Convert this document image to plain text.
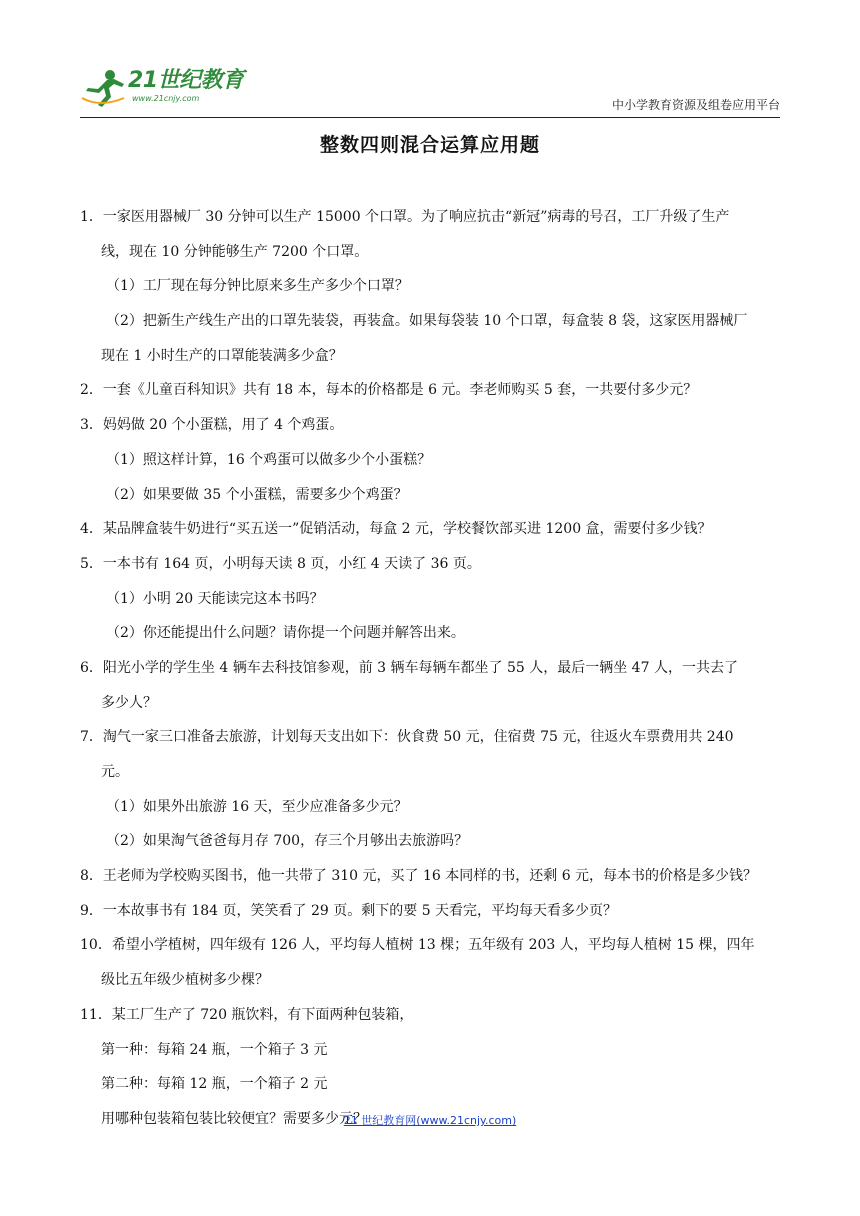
21世纪教育
www.21cnjy.com	中小学教育资源及组卷应用平台
整数四则混合运算应用题
1．一家医用器械厂 30 分钟可以生产 15000 个口罩。为了响应抗击“新冠”病毒的号召，工厂升级了生产
线，现在 10 分钟能够生产 7200 个口罩。
（1）工厂现在每分钟比原来多生产多少个口罩？
（2）把新生产线生产出的口罩先装袋，再装盒。如果每袋装 10 个口罩，每盒装 8 袋，这家医用器械厂
现在 1 小时生产的口罩能装满多少盒？
2．一套《儿童百科知识》共有 18 本，每本的价格都是 6 元。李老师购买 5 套，一共要付多少元？
3．妈妈做 20 个小蛋糕，用了 4 个鸡蛋。
（1）照这样计算，16 个鸡蛋可以做多少个小蛋糕？
（2）如果要做 35 个小蛋糕，需要多少个鸡蛋？
4．某品牌盒装牛奶进行“买五送一”促销活动，每盒 2 元，学校餐饮部买进 1200 盒，需要付多少钱？
5．一本书有 164 页，小明每天读 8 页，小红 4 天读了 36 页。
（1）小明 20 天能读完这本书吗？
（2）你还能提出什么问题？请你提一个问题并解答出来。
6．阳光小学的学生坐 4 辆车去科技馆参观，前 3 辆车每辆车都坐了 55 人，最后一辆坐 47 人，一共去了
多少人？
7．淘气一家三口准备去旅游，计划每天支出如下：伙食费 50 元，住宿费 75 元，往返火车票费用共 240
元。
（1）如果外出旅游 16 天，至少应准备多少元？
（2）如果淘气爸爸每月存 700，存三个月够出去旅游吗？
8．王老师为学校购买图书，他一共带了 310 元，买了 16 本同样的书，还剩 6 元，每本书的价格是多少钱？
9．一本故事书有 184 页，笑笑看了 29 页。剩下的要 5 天看完，平均每天看多少页？
10．希望小学植树，四年级有 126 人，平均每人植树 13 棵；五年级有 203 人，平均每人植树 15 棵，四年
级比五年级少植树多少棵？
11．某工厂生产了 720 瓶饮料，有下面两种包装箱，
第一种：每箱 24 瓶，一个箱子 3 元
第二种：每箱 12 瓶，一个箱子 2 元
用哪种包装箱包装比较便宜？需要多少元？
21 世纪教育网(www.21cnjy.com)
